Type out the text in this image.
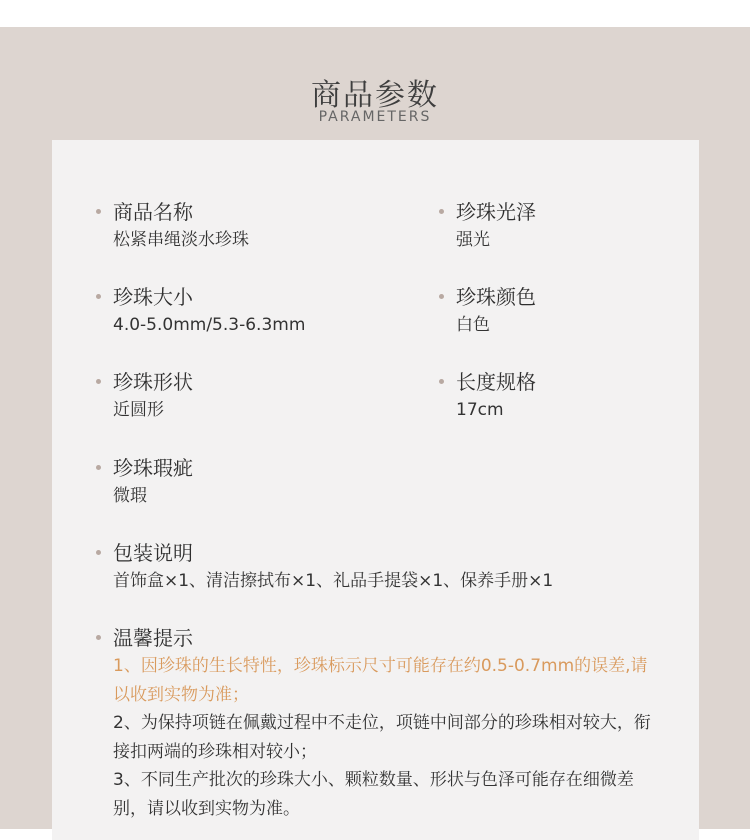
商品参数
PARAMETERS
商品名称
松紧串绳淡水珍珠
珍珠光泽
强光
珍珠大小
4.0-5.0mm/5.3-6.3mm
珍珠颜色
白色
珍珠形状
近圆形
长度规格
17cm
珍珠瑕疵
微瑕
包装说明
首饰盒×1、清洁擦拭布×1、礼品手提袋×1、保养手册×1
温馨提示
1、因珍珠的生长特性，珍珠标示尺寸可能存在约0.5-0.7mm的误差,请以收到实物为准；
2、为保持项链在佩戴过程中不走位，项链中间部分的珍珠相对较大，衔接扣两端的珍珠相对较小；
3、不同生产批次的珍珠大小、颗粒数量、形状与色泽可能存在细微差别，请以收到实物为准。
